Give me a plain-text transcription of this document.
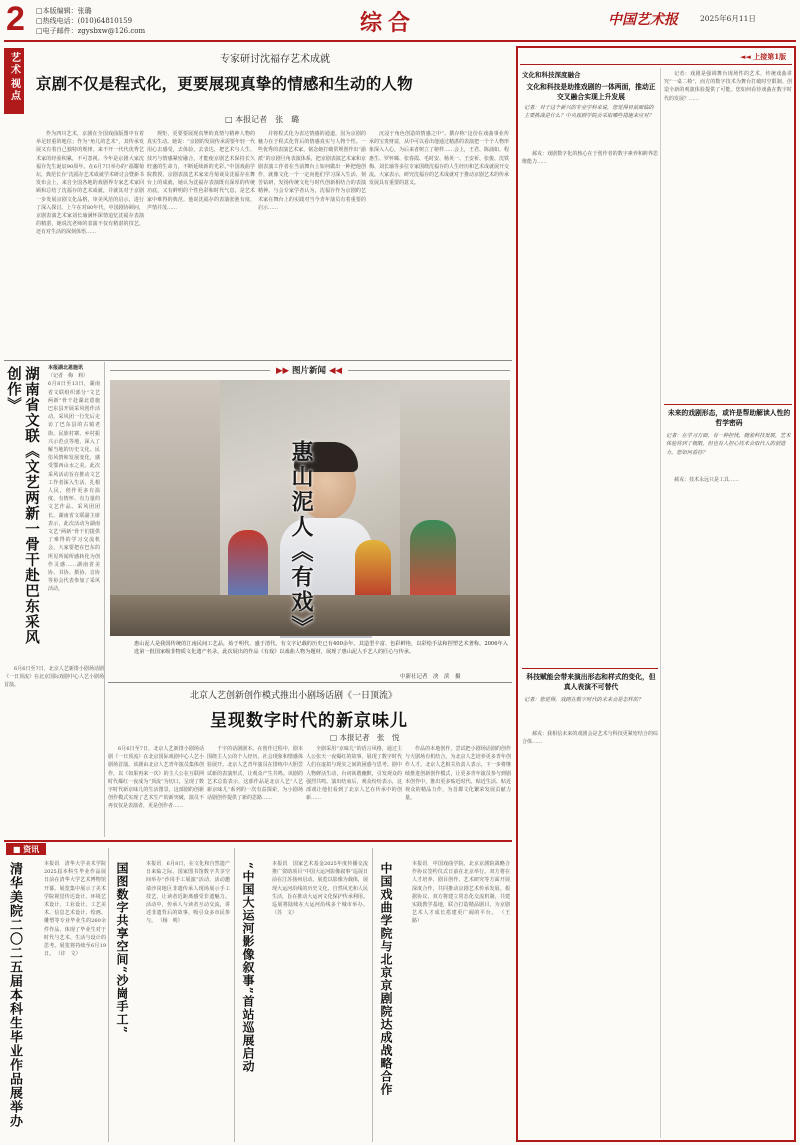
2 □本版编辑：张璐
□热线电话：(010)64810159
□电子邮件：zgysbxw@126.com	综合	中国艺术报	2025年6月11日
艺术
视点
专家研讨沈福存艺术成就
京剧不仅是程式化，更要展现真挚的情感和生动的人物
□ 本报记者　张　璐

作为四川艺术，京剧在全国戏曲版图中有着举足轻重的地位；作为“角儿的艺术”，其传承发展又有着自己独特的规律。来不开一代代优秀艺术家的经验积累，不可忽视。今年是京剧大家沈福存先生诞辰90周年。在6月7日举办的“福耀菊坛，典范长存”沈福存艺术成就学术研讨会暨新书发布会上，来自全国各地的戏剧界专家艺术家回顾和总结了沈福存的艺术成就，并就其对于京剧一步发展京剧文化品格，审美风范的启示，进行了深入探讨。上午在对80年代，中国剧协顾问，京剧表演艺术家刘长瑜满怀深情追忆沈福存表演的精湛，她说沈老师的表演不仅有精湛的技艺，还有对生活的深刻体悟……

规矩，更要要展现真挚的真情与精神人物的真实生动。她说：“京剧的发展传承需要年轻一代用心去感受，去体验，去表达，把艺术与人生、技巧与情感紧密融合，才能使京剧艺术保持长久旺盛的生命力，不断延续新的光彩。”中国戏曲学院教授、京剧表演艺术家宋丹菊谈及沈福存在舞台上的成就，她认为沈福存表演既有深厚的传统功底，又有鲜明的个性色彩和时代气息，是艺术家中难得的典范。他说沈福存的表演张弛有度、声情并茂……

并将程式化为表达情感的通道，因为京剧的魅力在于程式化背后的情感真实与人物个性。一些优秀的表演艺术家，铭念她打破常规创作出“渝派”的京剧旦角表演体系，把京剧表演艺术家和京剧表演工作者在当前舞台上如何做出一种把他创作，就像文化一个一定向他们学习深入生活、刻苦钻研，发扬传统文化与时代创新相结合的表演精神。与会专家学者认为，沈福存作为京剧的艺术家在舞台上的实践对当今青年演员有着重要的启示……

沉浸于角色创造的情感之中”。撰存称“这份在戏曲事业传承的宝贵财富，从中可以看出他通过精湛的表演把一个个人物形象深入人心，为后来者树立了榜样……会上，王君、陈浦如、程惠生、罗怀臻、张春霞、毛时安、杨英一、王安祈、张俊、沈铁梅、刘长瑜等多位专家围绕沈福存的人生经历和艺术成就展开交流。大家表示，研究沈福存的艺术成就对于推动京剧艺术的传承发展具有重要的意义。

本报湖北恩施讯
（记者　梅　莉）
6月8日至13日，湖南省文联组织部分“文艺两新”骨干赴湖北恩施巴东县开展采风创作活动。采风团一行先后走访了巴东县的古镇老街、民族村寨、乡村振兴示范点等地，深入了解当地的历史文化、民俗风情和发展变化，感受鄂西山水之美。此次采风活动旨在推动文艺工作者深入生活、扎根人民，创作更多有温度、有情怀、有力量的文艺作品。采风团团长、湖南省文联副主席表示，此次活动为湖南文艺“两新”骨干们提供了难得的学习交流机会，大家要把在巴东的所见所闻所感转化为创作灵感……湖南省美协、书协、摄协、音协等协会代表参加了采风活动。
湖南省文联《文艺两新一骨干赴巴东采风创作》

6月6日至7日，北京人艺新排小剧场话剧《一日顶流》在北京国际戏剧中心人艺小剧场首演。

▶▶ 图片新闻 ◀◀
惠山泥人《有戏》
惠山泥人是我国传统的江南民间工艺品，始于明代，盛于清代。有文字记载的历史已有400余年。其造型丰富、色彩鲜艳，以彩绘手法和捏塑艺术著称。2006年入选第一批国家级非物质文化遗产名录。此次展出的作品《有戏》以戏曲人物为题材，展现了惠山泥人手艺人的匠心与传承。
中新社记者　泱　滨　摄
北京人艺创新创作模式推出小剧场话剧《一日顶流》
呈现数字时代的新京味儿
□ 本报记者　张　悦

6月6日至7日，北京人艺新排小剧场话剧《一日顶流》在北京国际戏剧中心人艺小剧场首演。该剧由北京人艺青年演员集体创作，以《如果再来一次》的主人公在互联网时代爆红一夜成为“顶流”为切口，呈现了数字时代新京味儿的生活图景。这部剧的创新创作模式实现了艺术生产的新突破，演员不再仅仅是表演者，更是创作者……

千字的话剧剧本。在创作过程中，剧本围绕主人公的个人经历、社会现象和情感体验展开。北京人艺青年演员在排练中大胆尝试新的表演形式，让观众产生共鸣。该剧的艺术总监表示，这部作品是北京人艺“人艺新京味儿”系列的一次有益探索，为小剧场话剧创作提供了新的思路……

全剧采用“京味儿”的语言风格，通过主人公张天一夜爆红的故事，展现了数字时代人们在虚拟与现实之间的困惑与思考。剧中人物鲜活生动，台词诙谐幽默，引发观众的强烈共鸣。演出结束后，观众纷纷表示，这部戏让他们看到了北京人艺在传承中的创新……

作品的本地创作，尝试把小剧场话剧的创作与大剧场有机结合，为北京人艺培养更多青年创作人才。北京人艺相关负责人表示，下一步将继续推进创新创作模式，让更多青年演员参与到剧本创作中，推出更多贴近时代、贴近生活、贴近观众的精品力作，为首都文化繁荣发展贡献力量。

■ 资讯
清华美院二〇二五届本科生毕业作品展举办	本报讯　清华大学美术学院2025届本科生毕业作品展日前在清华大学艺术博物馆开幕。展览集中展示了美术学院视觉传达设计、环境艺术设计、工业设计、工艺美术、信息艺术设计、绘画、雕塑等专业毕业生的260余件作品，体现了毕业生对于时代与艺术、生活与设计的思考。展览将持续至6月19日。 （许　文）	国图数字共享空间“沙崗手工”	本报讯　6月8日，在文化和自然遗产日来临之际，国家图书馆数字共享空间举办“沙岗手工展演”活动，活动邀请沙岗地区非遗传承人现场展示手工技艺，让读者近距离感受非遗魅力。活动中，传承人与读者互动交流，讲述非遗背后的故事，吸引众多市民参与。 （杨　明）	“中国大运河影像叙事”首站巡展启动	本报讯　国家艺术基金2025年度传播交流推广资助项目“中国大运河影像叙事”巡展日前在江苏扬州启动。展览以影像为载体，展现大运河沿线的历史文化、自然风光和人民生活，旨在推动大运河文化保护传承利用。巡展将陆续在大运河沿线多个城市举办。 （苏　文）	中国戏曲学院与北京京剧院达成战略合作	本报讯　中国戏曲学院、北京京剧院战略合作协议签约仪式日前在北京举行。双方将在人才培养、剧目创作、艺术研究等方面开展深度合作，共同推动京剧艺术传承发展。根据协议，双方将建立常态化交流机制，共建实践教学基地，联合打造精品剧目，为京剧艺术人才成长搭建更广阔的平台。 （王　路）
◄◄ 上接第1版
文化和科技深度融合
文化和科技是助推戏剧的一体两面，推动正交叉融合实现上升发展
记者：对于这个新兴的专业学科来说，您觉得目前面临的主要挑战是什么？中央戏剧学院会采取哪些措施来应对？

郝戎：戏剧数字化的核心在于创作者的数字素养和跨界思维能力……

科技赋能会带来演出形态和样式的变化，但真人表演不可替代
记者：您觉得，戏剧在数字时代的未来会是怎样的？

郝戎：我相信未来的戏剧会是艺术与科技更紧密结合的综合体……

记者：戏剧是强调舞台现场性的艺术，传统戏曲讲究“一桌二椅”，而方的数字技术为舞台打破时空限制、创造全新的观演体验提供了可能。您如何看待戏曲在数字时代的发展？……

未来的戏剧形态，或许是帮助解读人性的哲学密码
记者：在学习方面，有一种担忧，随着科技发展，艺术体验将到了极限，但也有人担心技术会取代人的创造力。您如何看待？

郝戎：技术永远只是工具……
